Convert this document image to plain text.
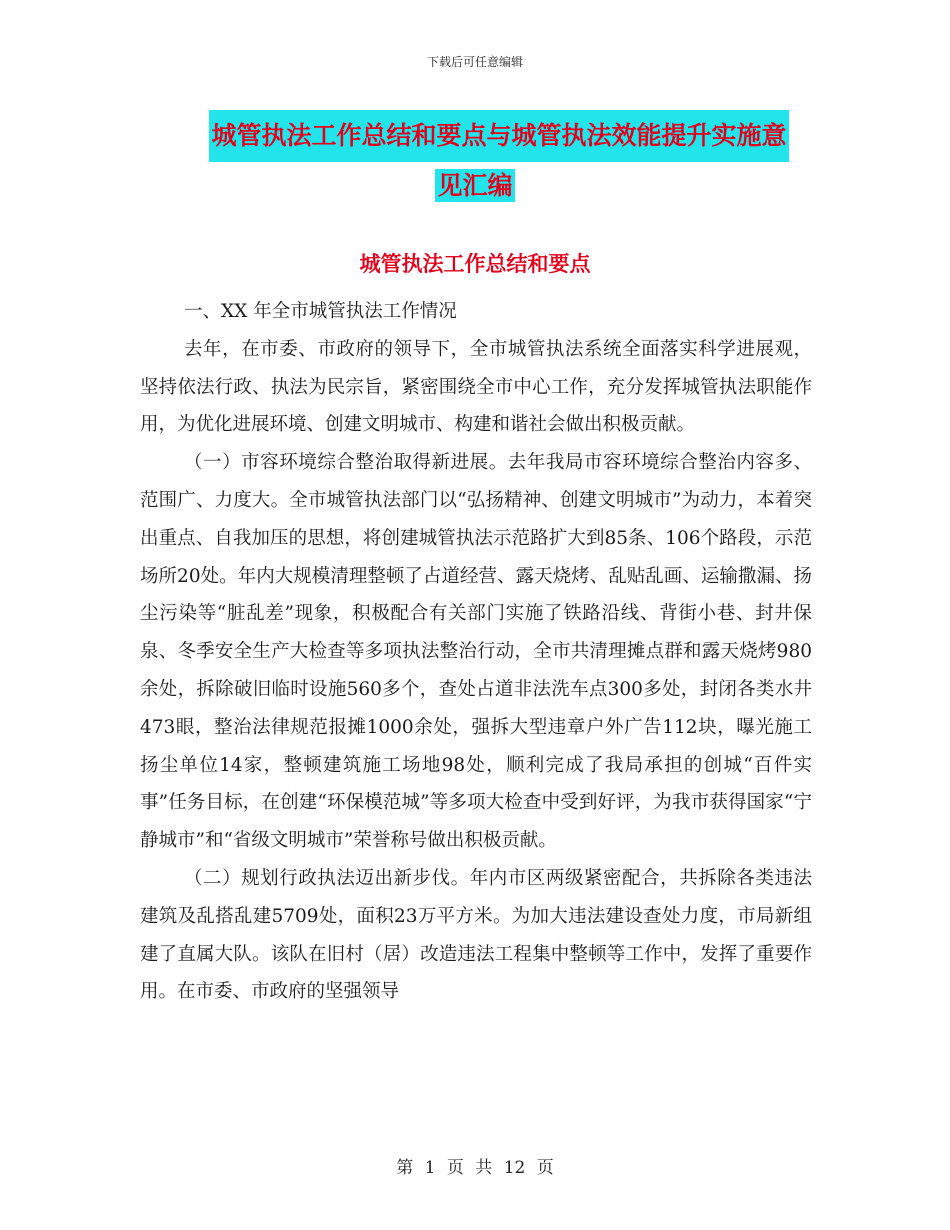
下载后可任意编辑
城管执法工作总结和要点与城管执法效能提升实施意
见汇编
城管执法工作总结和要点

一、XX 年全市城管执法工作情况

去年，在市委、市政府的领导下，全市城管执法系统全面落实科学进展观，坚持依法行政、执法为民宗旨，紧密围绕全市中心工作，充分发挥城管执法职能作用，为优化进展环境、创建文明城市、构建和谐社会做出积极贡献。

（一）市容环境综合整治取得新进展。去年我局市容环境综合整治内容多、范围广、力度大。全市城管执法部门以“弘扬精神、创建文明城市”为动力，本着突出重点、自我加压的思想，将创建城管执法示范路扩大到85条、106个路段，示范场所20处。年内大规模清理整顿了占道经营、露天烧烤、乱贴乱画、运输撒漏、扬尘污染等“脏乱差”现象，积极配合有关部门实施了铁路沿线、背街小巷、封井保泉、冬季安全生产大检查等多项执法整治行动，全市共清理摊点群和露天烧烤980余处，拆除破旧临时设施560多个，查处占道非法洗车点300多处，封闭各类水井473眼，整治法律规范报摊1000余处，强拆大型违章户外广告112块，曝光施工扬尘单位14家，整顿建筑施工场地98处，顺利完成了我局承担的创城“百件实事”任务目标，在创建“环保模范城”等多项大检查中受到好评，为我市获得国家“宁静城市”和“省级文明城市”荣誉称号做出积极贡献。

（二）规划行政执法迈出新步伐。年内市区两级紧密配合，共拆除各类违法建筑及乱搭乱建5709处，面积23万平方米。为加大违法建设查处力度，市局新组建了直属大队。该队在旧村（居）改造违法工程集中整顿等工作中，发挥了重要作用。在市委、市政府的坚强领导

第 1 页 共 12 页
